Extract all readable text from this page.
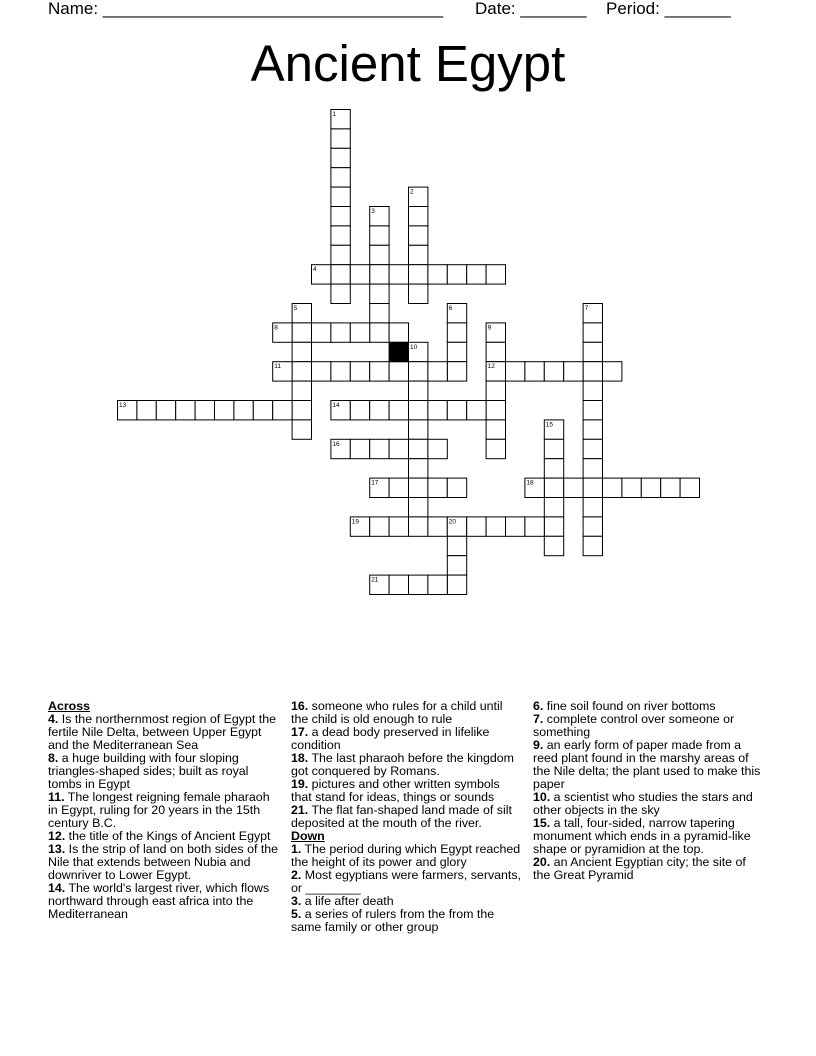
Name: ____________________________________ Date: _______ Period: _______
Ancient Egypt
1
2
3
4
5	6	7
8	9
10
11	12
13	14
15
16
17	18
19	20
21

Across

4. Is the northernmost region of Egypt the fertile Nile Delta, between Upper Egypt and the Mediterranean Sea

8. a huge building with four sloping triangles-shaped sides; built as royal tombs in Egypt

11. The longest reigning female pharaoh in Egypt, ruling for 20 years in the 15th century B.C.

12. the title of the Kings of Ancient Egypt

13. Is the strip of land on both sides of the Nile that extends between Nubia and downriver to Lower Egypt.

14. The world's largest river, which flows northward through east africa into the Mediterranean

16. someone who rules for a child until the child is old enough to rule

17. a dead body preserved in lifelike condition

18. The last pharaoh before the kingdom got conquered by Romans.

19. pictures and other written symbols that stand for ideas, things or sounds

21. The flat fan-shaped land made of silt deposited at the mouth of the river.

Down

1. The period during which Egypt reached the height of its power and glory

2. Most egyptians were farmers, servants, or ________

3. a life after death

5. a series of rulers from the from the same family or other group

6. fine soil found on river bottoms

7. complete control over someone or something

9. an early form of paper made from a reed plant found in the marshy areas of the Nile delta; the plant used to make this paper

10. a scientist who studies the stars and other objects in the sky

15. a tall, four-sided, narrow tapering monument which ends in a pyramid-like shape or pyramidion at the top.

20. an Ancient Egyptian city; the site of the Great Pyramid
